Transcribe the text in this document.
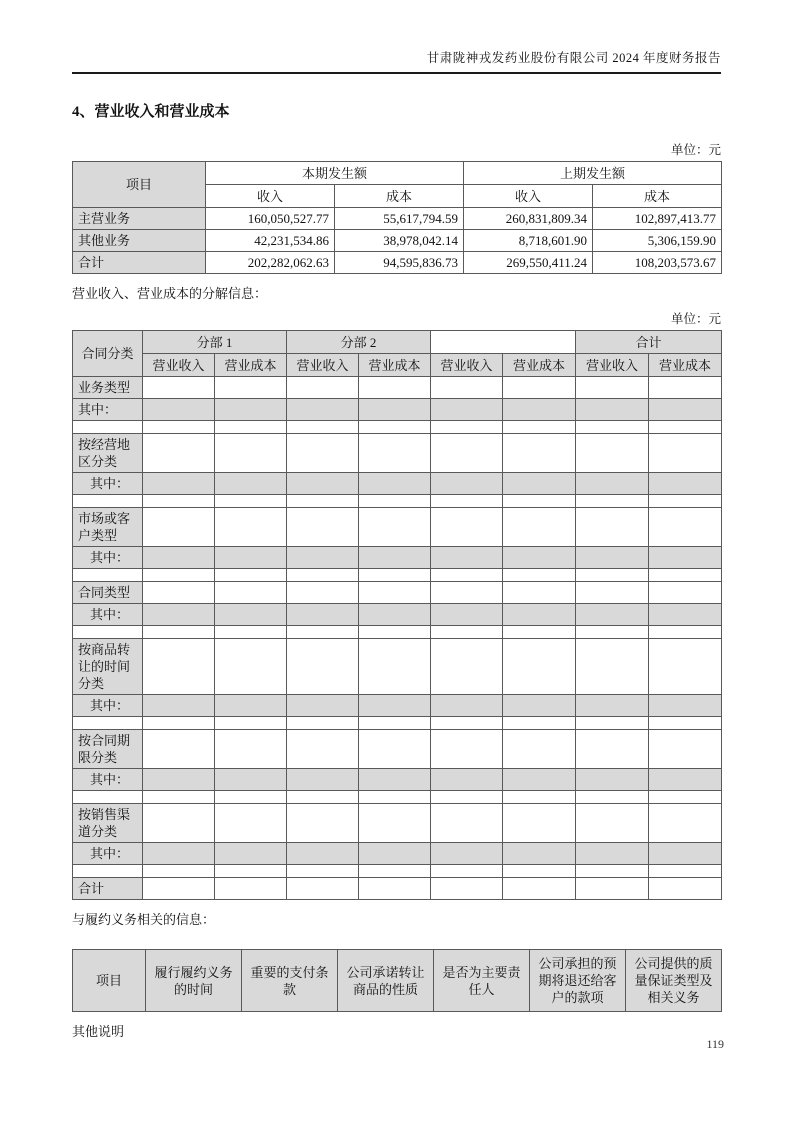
甘肃陇神戎发药业股份有限公司 2024 年度财务报告
4、营业收入和营业成本
单位：元
项目	本期发生额		上期发生额	
	收入	成本	收入	成本
主营业务	160,050,527.77	55,617,794.59	260,831,809.34	102,897,413.77
其他业务	42,231,534.86	38,978,042.14	8,718,601.90	5,306,159.90
合计	202,282,062.63	94,595,836.73	269,550,411.24	108,203,573.67
营业收入、营业成本的分解信息：
单位：元
合同分类	分部 1		分部 2				合计	
	营业收入	营业成本	营业收入	营业成本	营业收入	营业成本	营业收入	营业成本
业务类型								
其中：								

按经营地区分类								
其中：								

市场或客户类型								
其中：								

合同类型								
其中：								

按商品转让的时间分类								
其中：								

按合同期限分类								
其中：								

按销售渠道分类								
其中：								

合计								
与履约义务相关的信息：
项目	履行履约义务的时间	重要的支付条款	公司承诺转让商品的性质	是否为主要责任人	公司承担的预期将退还给客户的款项	公司提供的质量保证类型及相关义务
其他说明
119
